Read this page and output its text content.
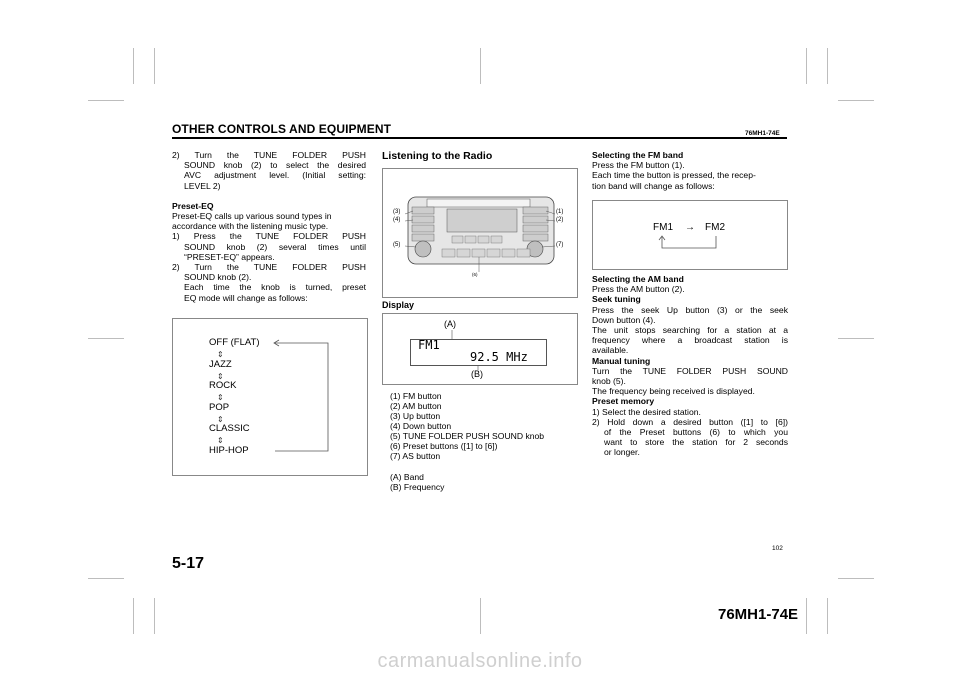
OTHER CONTROLS AND EQUIPMENT	76MH1-74E

2) Turn the TUNE FOLDER PUSH

SOUND knob (2) to select the desired

AVC adjustment level. (Initial setting:

LEVEL 2)

Preset-EQ

Preset-EQ calls up various sound types in

accordance with the listening music type.

1) Press the TUNE FOLDER PUSH

SOUND knob (2) several times until

“PRESET-EQ” appears.

2) Turn the TUNE FOLDER PUSH

SOUND knob (2).

Each time the knob is turned, preset

EQ mode will change as follows:

OFF (FLAT)
⇕
JAZZ
⇕
ROCK
⇕
POP
⇕
CLASSIC
⇕
HIP-HOP
Listening to the Radio
(3)
(4)
(5)
(1)
(2)
(7)
(6)
Display
(A)
FM1
92.5 MHz
(B)

(1) FM button

(2) AM button

(3) Up button

(4) Down button

(5) TUNE FOLDER PUSH SOUND knob

(6) Preset buttons ([1] to [6])

(7) AS button

(A) Band

(B) Frequency

Selecting the FM band

Press the FM button (1).

Each time the button is pressed, the recep-

tion band will change as follows:

FM1 → FM2

Selecting the AM band

Press the AM button (2).

Seek tuning

Press the seek Up button (3) or the seek

Down button (4).

The unit stops searching for a station at a

frequency where a broadcast station is

available.

Manual tuning

Turn the TUNE FOLDER PUSH SOUND

knob (5).

The frequency being received is displayed.

Preset memory

1) Select the desired station.

2) Hold down a desired button ([1] to [6])

of the Preset buttons (6) to which you

want to store the station for 2 seconds

or longer.

5-17
102
76MH1-74E
carmanualsonline.info
